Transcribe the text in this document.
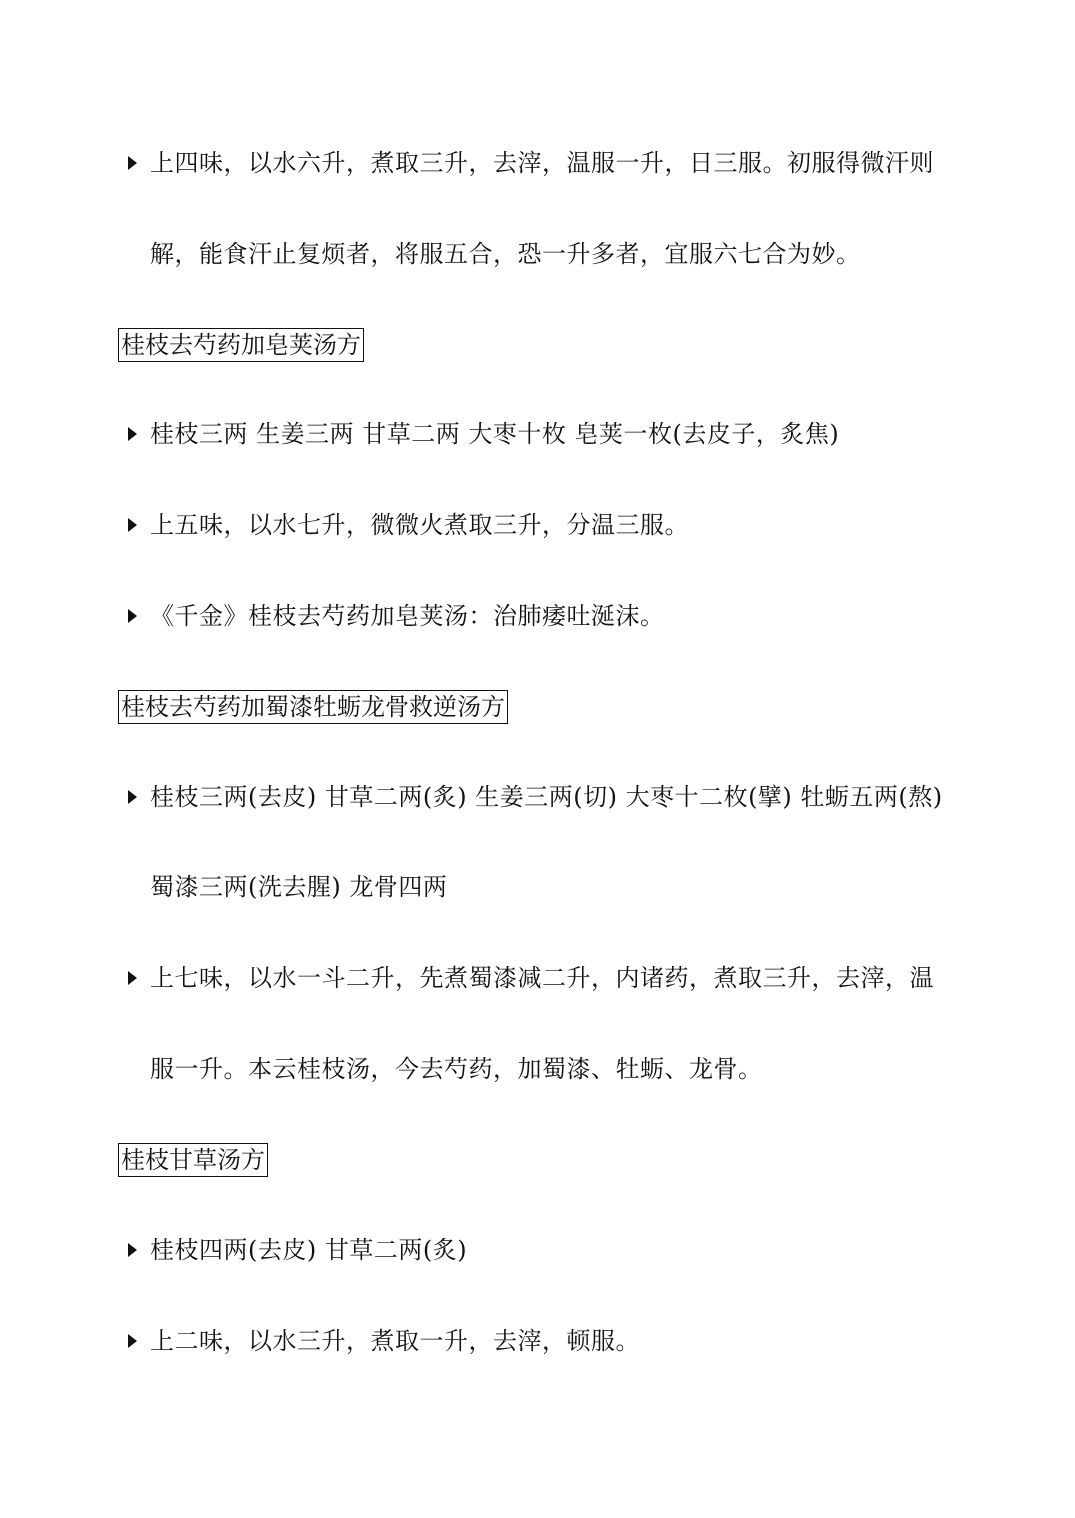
上四味，以水六升，煮取三升，去滓，温服一升，日三服。初服得微汗则
解，能食汗止复烦者，将服五合，恐一升多者，宜服六七合为妙。
桂枝去芍药加皂荚汤方
桂枝三两 生姜三两 甘草二两 大枣十枚 皂荚一枚(去皮子，炙焦)
上五味，以水七升，微微火煮取三升，分温三服。
《千金》桂枝去芍药加皂荚汤：治肺痿吐涎沫。
桂枝去芍药加蜀漆牡蛎龙骨救逆汤方
桂枝三两(去皮) 甘草二两(炙) 生姜三两(切) 大枣十二枚(擘) 牡蛎五两(熬)
蜀漆三两(洗去腥) 龙骨四两
上七味，以水一斗二升，先煮蜀漆减二升，内诸药，煮取三升，去滓，温
服一升。本云桂枝汤，今去芍药，加蜀漆、牡蛎、龙骨。
桂枝甘草汤方
桂枝四两(去皮) 甘草二两(炙)
上二味，以水三升，煮取一升，去滓，顿服。
